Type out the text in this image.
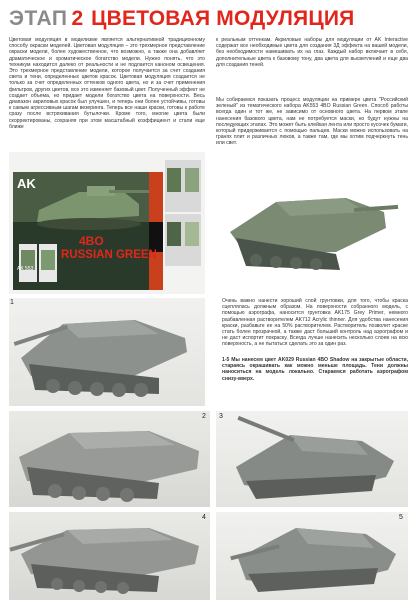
ЭТАП 2 ЦВЕТОВАЯ МОДУЛЯЦИЯ

Цветовая модуляция в моделизме является альтернативной традиционному способу окраски моделей. Цветовая модуляция – это трехмерное представление окраски модели, более художественное, что возможно, а также она добавляет драматическое и хроматическое богатство модели. Нужно понять, что это техникум находится далеко от реальности и не подлается каноном освещения. Это трехмерное представление модели, которое получается за счет создания света и тени, определенных цветов красок. Цветовая модуляция создается не только за счет определенных оттенков одного цвета, но и за счет применения фильтров, других цветов, все это изменяет базовый цвет. Полученный эффект не создает объема, но придает модели богатство цвета на поверхности. Весь диапазон акриловых красок был улучшен, и теперь они более устойчивы, готовы к самым агрессивным шагам везеринга. Теперь все наши краски, готовы к работе сразу после встряхивания бутылочки. Кроме того, многие цвета были скорректированы, сохраняя при этом масштабный коэффициент и стали еще ближе

к реальным оттенкам. Акриловые наборы для модуляции от AK Interactive содержат все необходимые цвета для создания 3Д эффекта на вашей модели, без необходимости намешивать их на глаз. Каждый набор включает в себя, дополнительные цвета к базовому тону, два цвета для высветлений и еще два для создания теней.

Мы собираемся показать процесс модуляции на примере цвета "Российский зеленый" из тематического набора AK553 4BO Russian Green. Способ работы всегда один и тот же, не зависимо от основного цвета. На первом этапе нанесения базового цвета, нам не потребуется маски, но будут нужны на последующих этапах. Это может быть клейкая лента или просто кусочек бумаги, который придерживается с помощью пальцев. Маски можно использовать на гранях плит и различных люков, а также там, где мы хотим подчеркнуть тень или свет.

AK
AK 553
4BO
RUSSIAN GREEN
1	Очень важно нанести хороший слой грунтовки, для того, чтобы краска сцеплялась должным образом. На поверхности собранного модель, с помощью аэрографа, наносится грунтовка AK175 Grey Primer, немного разбавленная растворителем AK712 Acrylic thinner. Для удобства нанесения краски, разбавьте ее на 50% растворителем. Растворитель позволит краске стать более прозрачной, а также даст больший контроль над аэрографом и не даст испортит покраску. Всегда лучше нанесить несколько слоев на всю поверхность, а не пытаться сделать это за один раз.

1-5 Мы нанесем цвет AK029 Russian 4BO Shadow на закрытые области, стараясь окрашивать как можно меньше площадь. Тени должны наноситься на модель локально. Стараемся работать аэрографом снизу-вверх.

2 3
4	5
